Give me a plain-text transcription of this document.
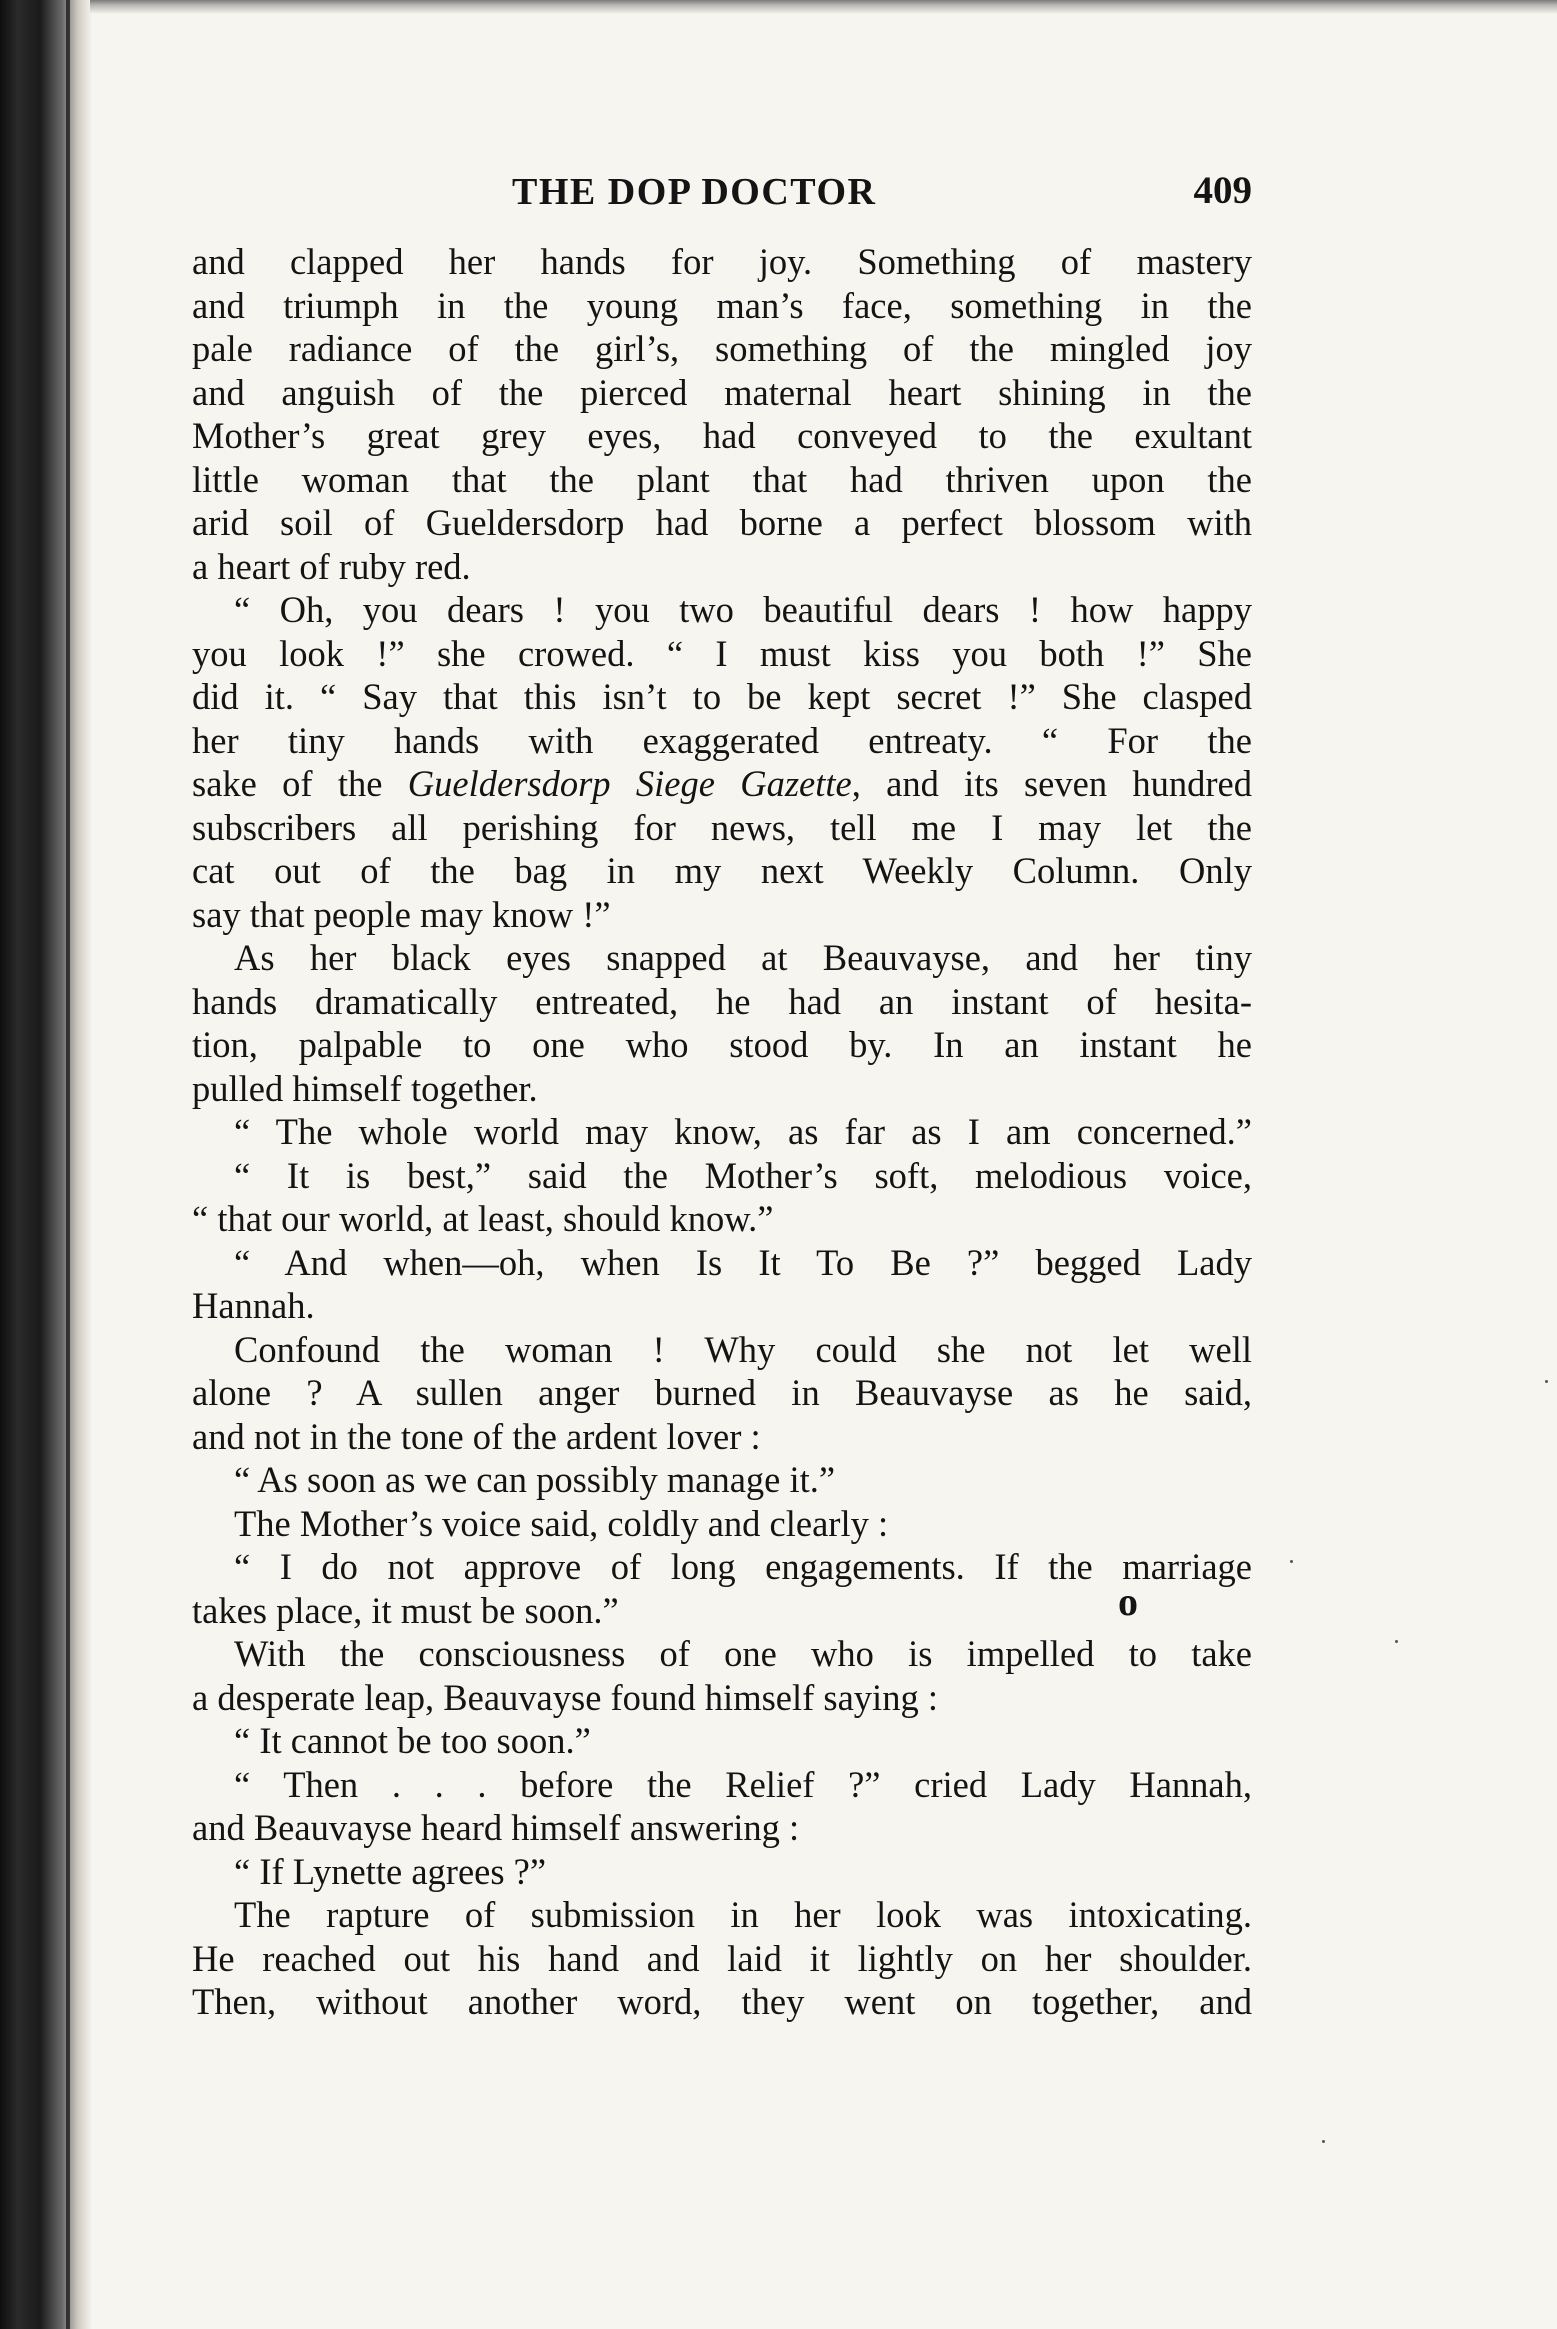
THE DOP DOCTOR	409
and clapped her hands for joy. Something of mastery
and triumph in the young man’s face, something in the
pale radiance of the girl’s, something of the mingled joy
and anguish of the pierced maternal heart shining in the
Mother’s great grey eyes, had conveyed to the exultant
little woman that the plant that had thriven upon the
arid soil of Gueldersdorp had borne a perfect blossom with
a heart of ruby red.
“ Oh, you dears ! you two beautiful dears ! how happy
you look !” she crowed. “ I must kiss you both !” She
did it. “ Say that this isn’t to be kept secret !” She clasped
her tiny hands with exaggerated entreaty. “ For the
sake of the Gueldersdorp Siege Gazette, and its seven hundred
subscribers all perishing for news, tell me I may let the
cat out of the bag in my next Weekly Column. Only
say that people may know !”
As her black eyes snapped at Beauvayse, and her tiny
hands dramatically entreated, he had an instant of hesita-
tion, palpable to one who stood by. In an instant he
pulled himself together.
“ The whole world may know, as far as I am concerned.”
“ It is best,” said the Mother’s soft, melodious voice,
“ that our world, at least, should know.”
“ And when—oh, when Is It To Be ?” begged Lady
Hannah.
Confound the woman ! Why could she not let well
alone ? A sullen anger burned in Beauvayse as he said,
and not in the tone of the ardent lover :
“ As soon as we can possibly manage it.”
The Mother’s voice said, coldly and clearly :
“ I do not approve of long engagements. If the marriage
takes place, it must be soon.”
With the consciousness of one who is impelled to take
a desperate leap, Beauvayse found himself saying :
“ It cannot be too soon.”
“ Then . . . before the Relief ?” cried Lady Hannah,
and Beauvayse heard himself answering :
“ If Lynette agrees ?”
The rapture of submission in her look was intoxicating.
He reached out his hand and laid it lightly on her shoulder.
Then, without another word, they went on together, and
o
